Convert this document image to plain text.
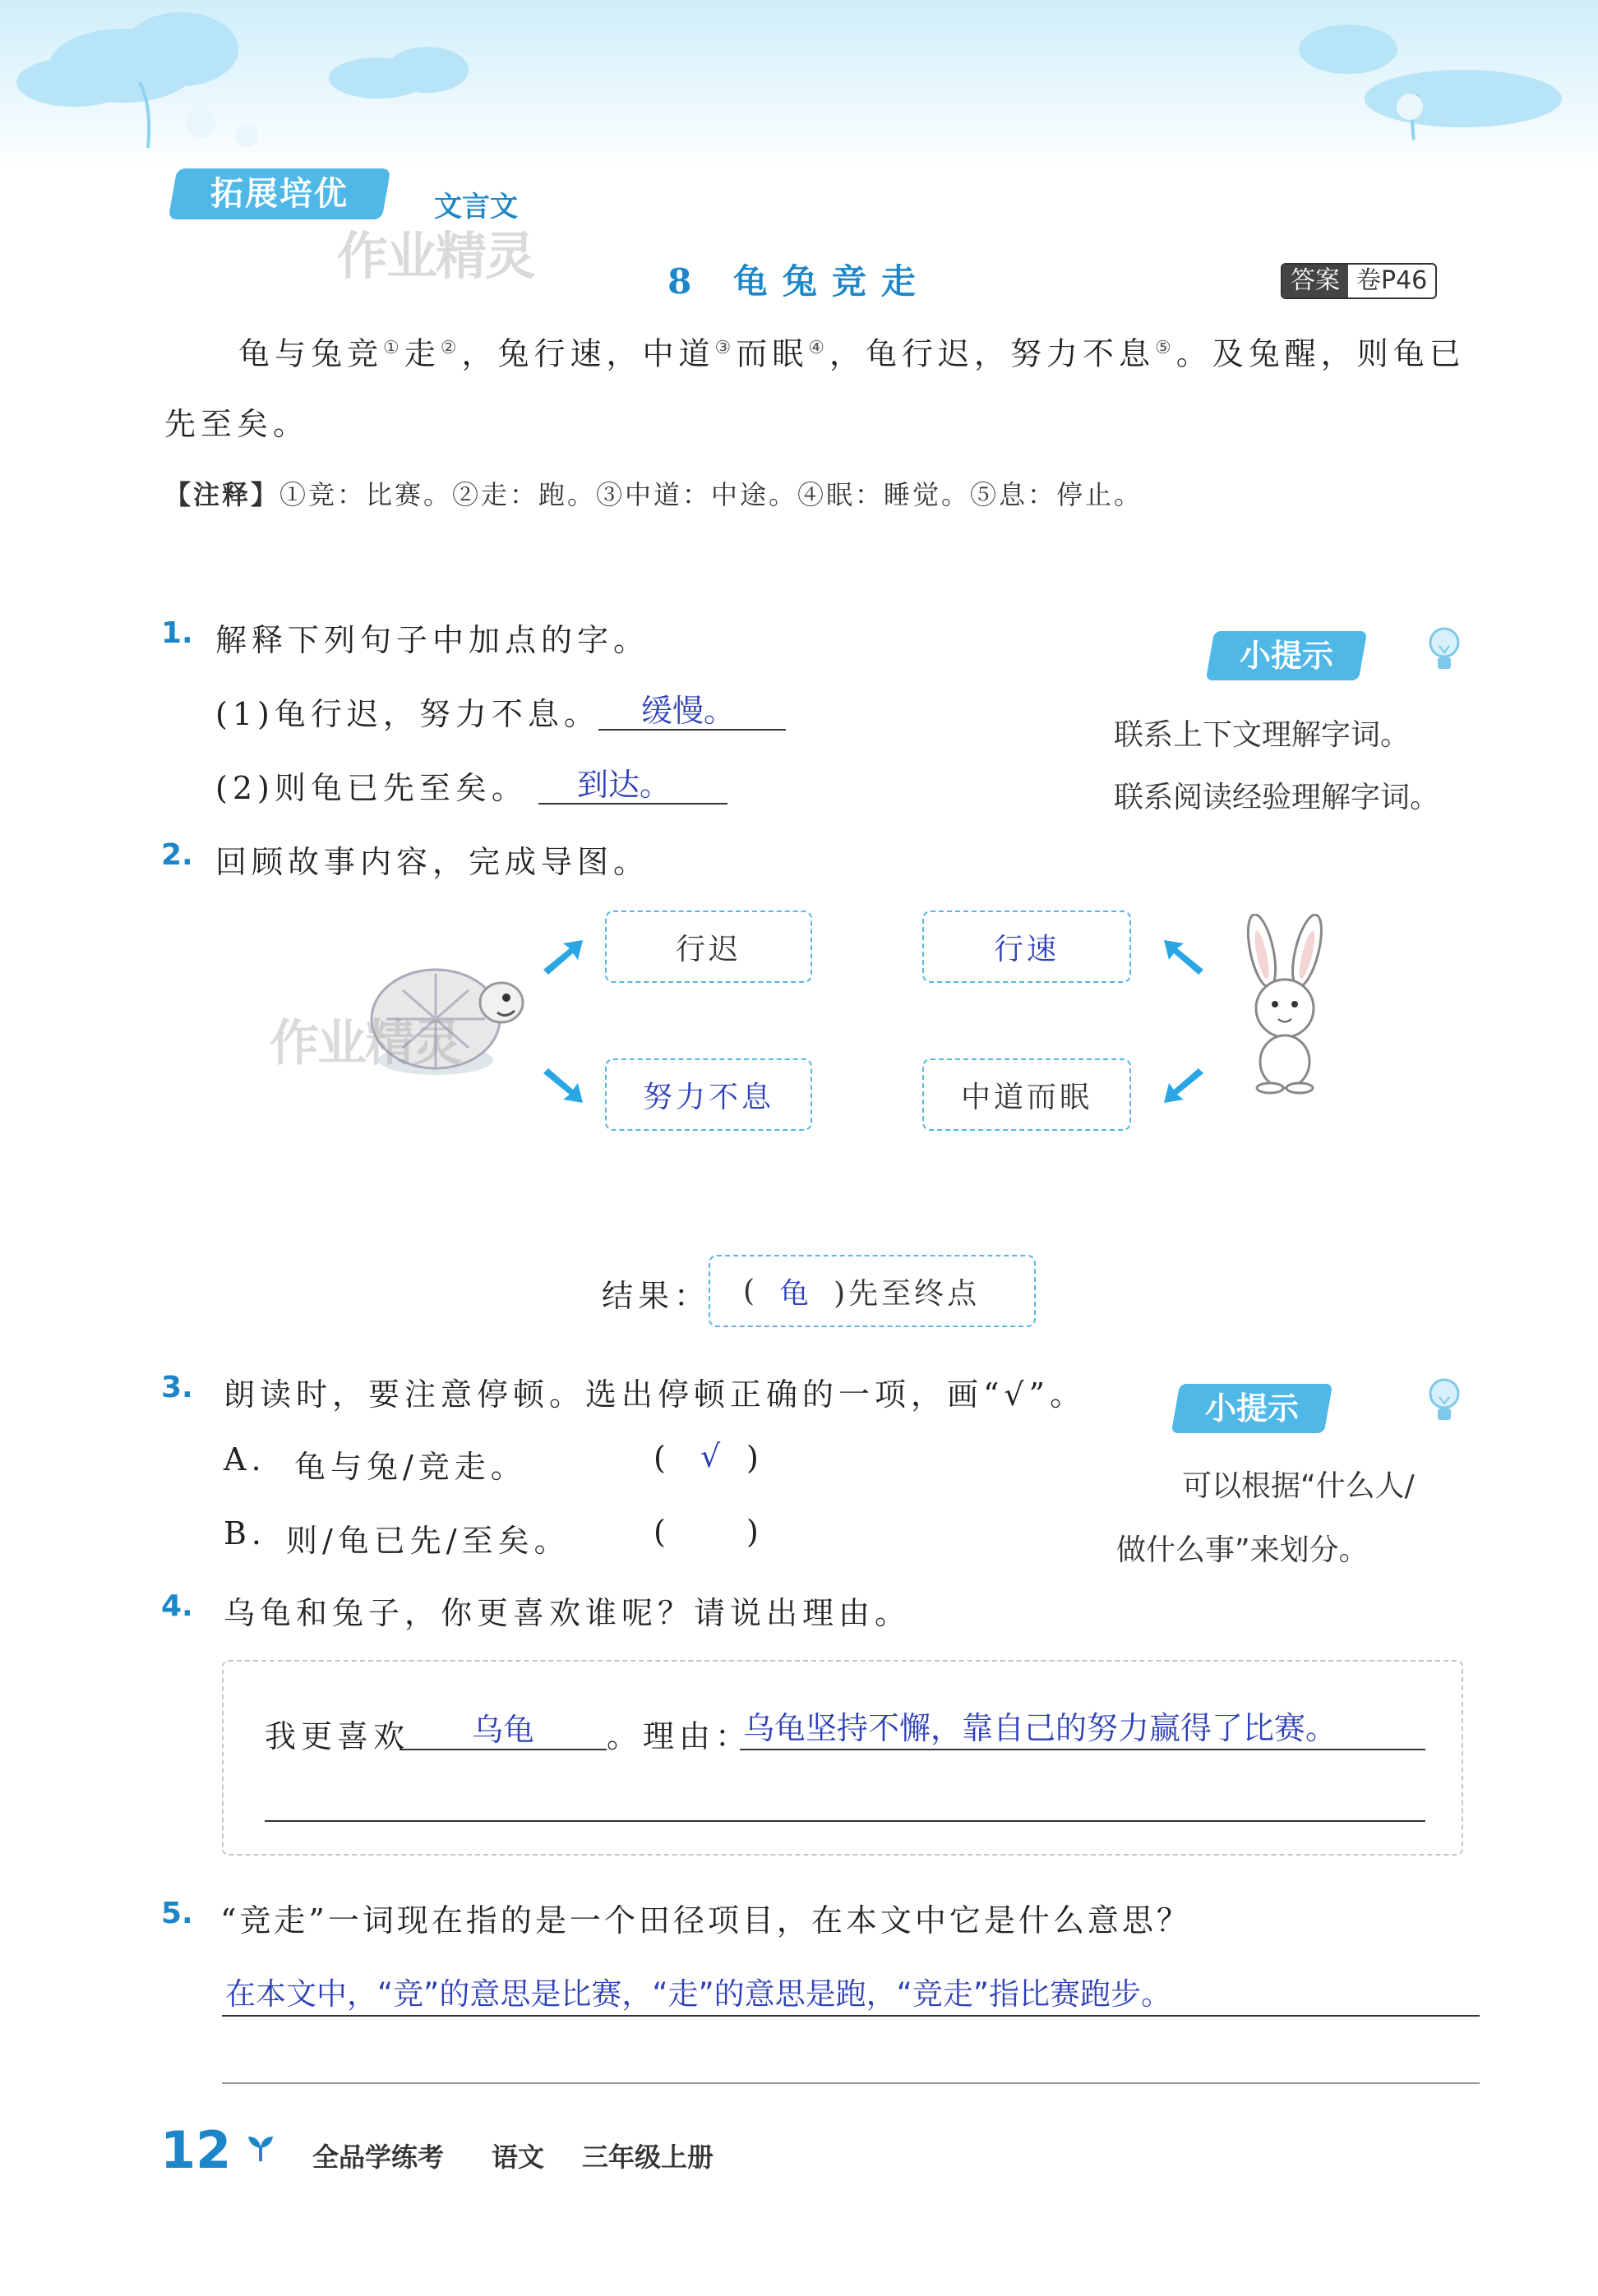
拓展培优	文言文
作业精灵	8 龟兔竞走	答案 卷P46
龟与兔竞①走②，兔行速，中道③而眠④，龟行迟，努力不息⑤。及兔醒，则龟已
先至矣。
【注释】①竞：比赛。②走：跑。③中道：中途。④眠：睡觉。⑤息：停止。
1. 解释下列句子中加点的字。
(1)龟行迟，努力不息。 缓慢。
(2)则龟已先至矣。 到达。
小提示
联系上下文理解字词。
联系阅读经验理解字词。
2. 回顾故事内容，完成导图。
作业精灵
行迟
努力不息
行速
中道而眠
结果： ( 龟 )先至终点
3. 朗读时，要注意停顿。选出停顿正确的一项，画“√”。
A. 龟与兔/竞走。	( √ )
B. 则/龟已先/至矣。	( )
小提示
可以根据“什么人/
做什么事”来划分。
4. 乌龟和兔子，你更喜欢谁呢？请说出理由。
我更喜欢 乌龟 。理由：
乌龟坚持不懈，靠自己的努力赢得了比赛。
5. “竞走”一词现在指的是一个田径项目，在本文中它是什么意思？
在本文中，“竞”的意思是比赛，“走”的意思是跑，“竞走”指比赛跑步。
12	全品学练考 语文 三年级上册
